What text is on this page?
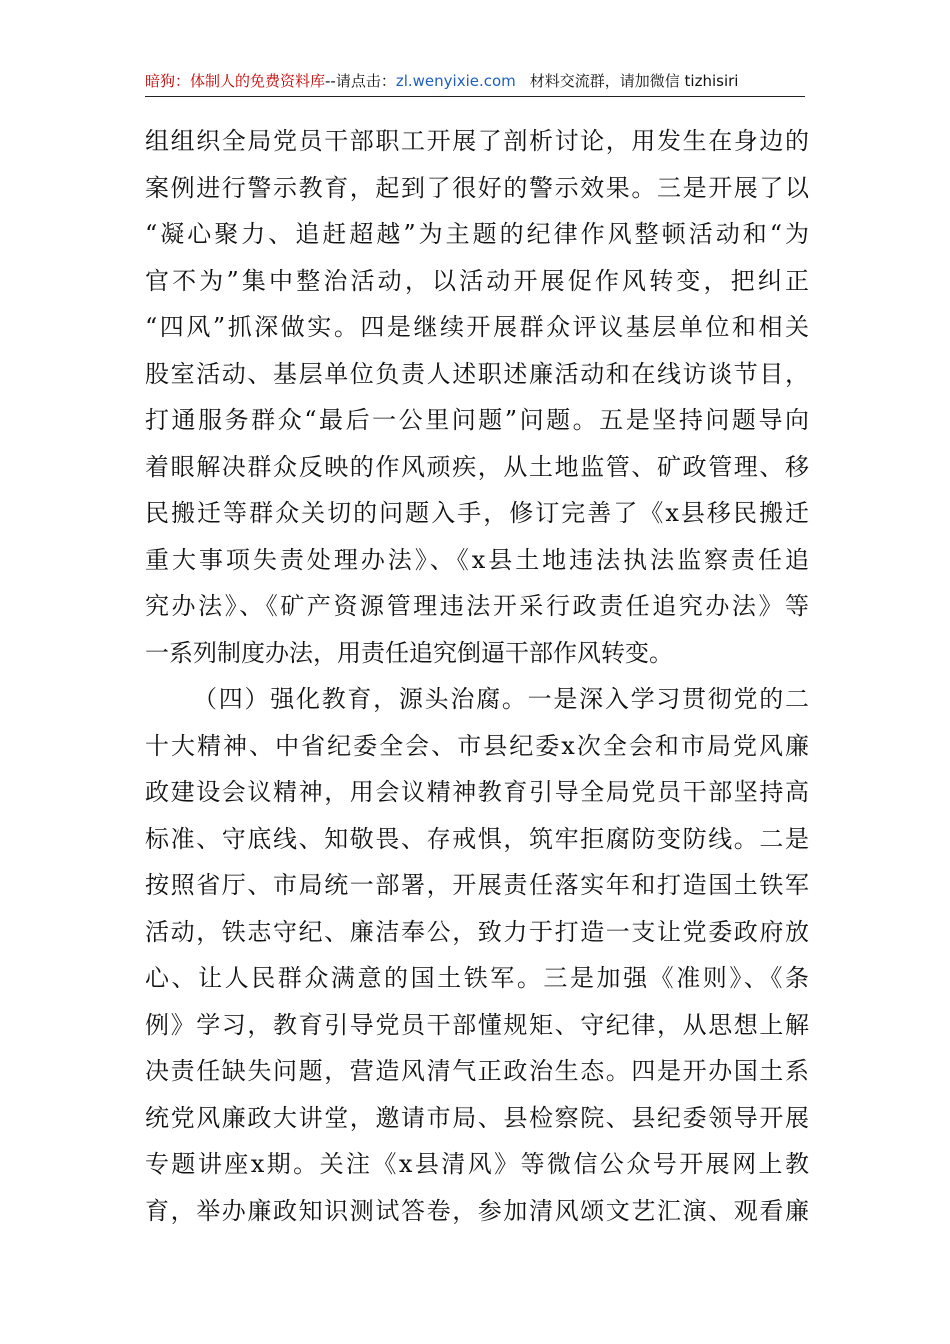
暗狗：体制人的免费资料库--请点击：zl.wenyixie.com 材料交流群，请加微信 tizhisiri
组组织全局党员干部职工开展了剖析讨论，用发生在身边的
案例进行警示教育，起到了很好的警示效果。三是开展了以
“凝心聚力、追赶超越”为主题的纪律作风整顿活动和“为
官不为”集中整治活动，以活动开展促作风转变，把纠正
“四风”抓深做实。四是继续开展群众评议基层单位和相关
股室活动、基层单位负责人述职述廉活动和在线访谈节目，
打通服务群众“最后一公里问题”问题。五是坚持问题导向
着眼解决群众反映的作风顽疾，从土地监管、矿政管理、移
民搬迁等群众关切的问题入手，修订完善了《x县移民搬迁
重大事项失责处理办法》、《x县土地违法执法监察责任追
究办法》、《矿产资源管理违法开采行政责任追究办法》等
一系列制度办法，用责任追究倒逼干部作风转变。
（四）强化教育，源头治腐。一是深入学习贯彻党的二
十大精神、中省纪委全会、市县纪委x次全会和市局党风廉
政建设会议精神，用会议精神教育引导全局党员干部坚持高
标准、守底线、知敬畏、存戒惧，筑牢拒腐防变防线。二是
按照省厅、市局统一部署，开展责任落实年和打造国土铁军
活动，铁志守纪、廉洁奉公，致力于打造一支让党委政府放
心、让人民群众满意的国土铁军。三是加强《准则》、《条
例》学习，教育引导党员干部懂规矩、守纪律，从思想上解
决责任缺失问题，营造风清气正政治生态。四是开办国土系
统党风廉政大讲堂，邀请市局、县检察院、县纪委领导开展
专题讲座x期。关注《x县清风》等微信公众号开展网上教
育，举办廉政知识测试答卷，参加清风颂文艺汇演、观看廉
